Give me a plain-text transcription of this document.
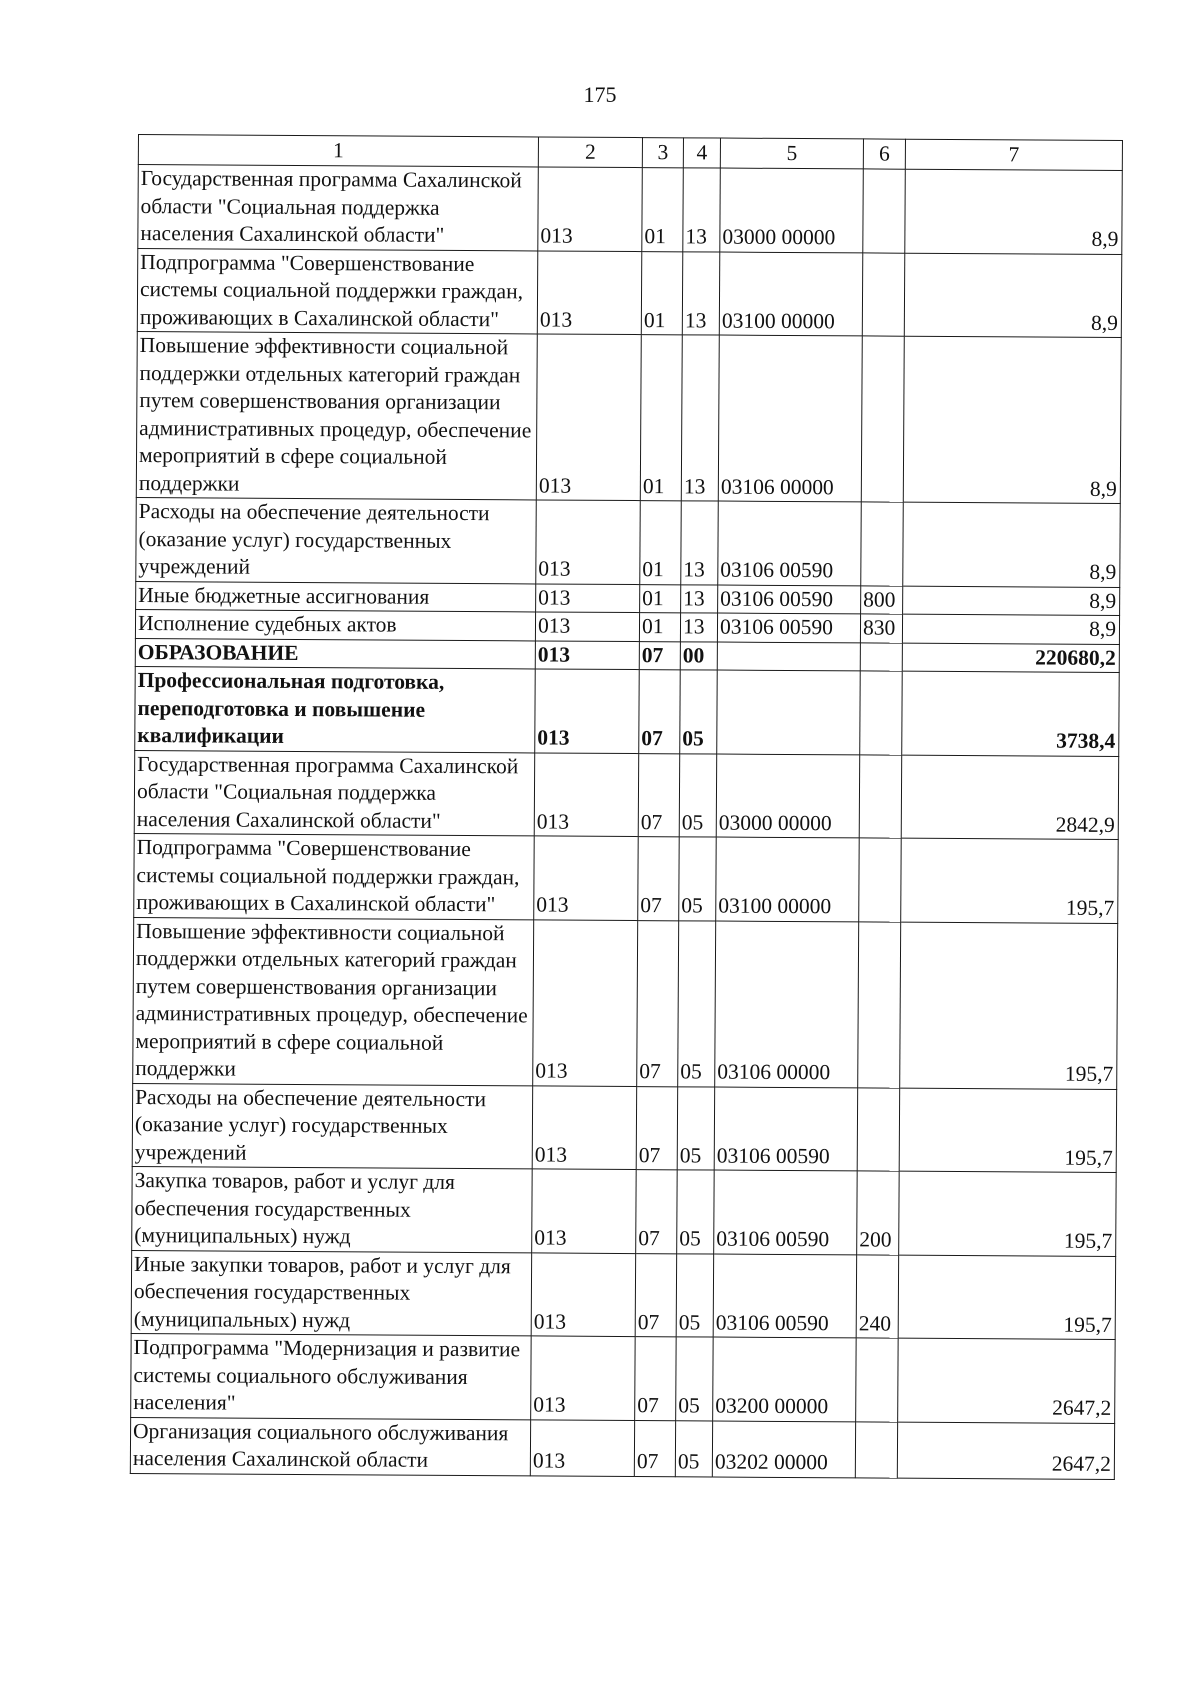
175
1	2	3	4	5	6	7
Государственная программа Сахалинской области "Социальная поддержка населения Сахалинской области"	013	01	13	03000 00000		8,9
Подпрограмма "Совершенствование системы социальной поддержки граждан, проживающих в Сахалинской области"	013	01	13	03100 00000		8,9
Повышение эффективности социальной поддержки отдельных категорий граждан путем совершенствования организации административных процедур, обеспечение мероприятий в сфере социальной поддержки	013	01	13	03106 00000		8,9
Расходы на обеспечение деятельности (оказание услуг) государственных учреждений	013	01	13	03106 00590		8,9
Иные бюджетные ассигнования	013	01	13	03106 00590	800	8,9
Исполнение судебных актов	013	01	13	03106 00590	830	8,9
ОБРАЗОВАНИЕ	013	07	00			220680,2
Профессиональная подготовка, переподготовка и повышение квалификации	013	07	05			3738,4
Государственная программа Сахалинской области "Социальная поддержка населения Сахалинской области"	013	07	05	03000 00000		2842,9
Подпрограмма "Совершенствование системы социальной поддержки граждан, проживающих в Сахалинской области"	013	07	05	03100 00000		195,7
Повышение эффективности социальной поддержки отдельных категорий граждан путем совершенствования организации административных процедур, обеспечение мероприятий в сфере социальной поддержки	013	07	05	03106 00000		195,7
Расходы на обеспечение деятельности (оказание услуг) государственных учреждений	013	07	05	03106 00590		195,7
Закупка товаров, работ и услуг для обеспечения государственных (муниципальных) нужд	013	07	05	03106 00590	200	195,7
Иные закупки товаров, работ и услуг для обеспечения государственных (муниципальных) нужд	013	07	05	03106 00590	240	195,7
Подпрограмма "Модернизация и развитие системы социального обслуживания населения"	013	07	05	03200 00000		2647,2
Организация социального обслуживания населения Сахалинской области	013	07	05	03202 00000		2647,2
